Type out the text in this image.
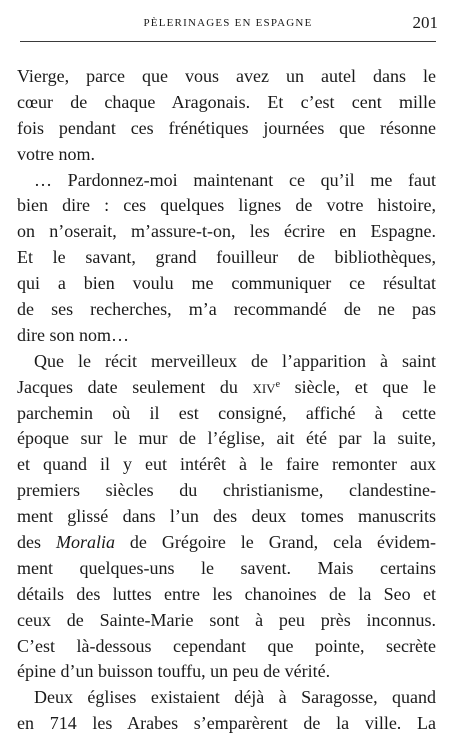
PÈLERINAGES EN ESPAGNE	201
Vierge, parce que vous avez un autel dans le
cœur de chaque Aragonais. Et c’est cent mille
fois pendant ces frénétiques journées que résonne
votre nom.
… Pardonnez-moi maintenant ce qu’il me faut
bien dire : ces quelques lignes de votre histoire,
on n’oserait, m’assure-t-on, les écrire en Espagne.
Et le savant, grand fouilleur de bibliothèques,
qui a bien voulu me communiquer ce résultat
de ses recherches, m’a recommandé de ne pas
dire son nom…
Que le récit merveilleux de l’apparition à saint
Jacques date seulement du xiv$^e$ siècle, et que le
parchemin où il est consigné, affiché à cette
époque sur le mur de l’église, ait été par la suite,
et quand il y eut intérêt à le faire remonter aux
premiers siècles du christianisme, clandestine-
ment glissé dans l’un des deux tomes manuscrits
des Moralia de Grégoire le Grand, cela évidem-
ment quelques-uns le savent. Mais certains
détails des luttes entre les chanoines de la Seo et
ceux de Sainte-Marie sont à peu près inconnus.
C’est là-dessous cependant que pointe, secrète
épine d’un buisson touffu, un peu de vérité.
Deux églises existaient déjà à Saragosse, quand
en 714 les Arabes s’emparèrent de la ville. La
